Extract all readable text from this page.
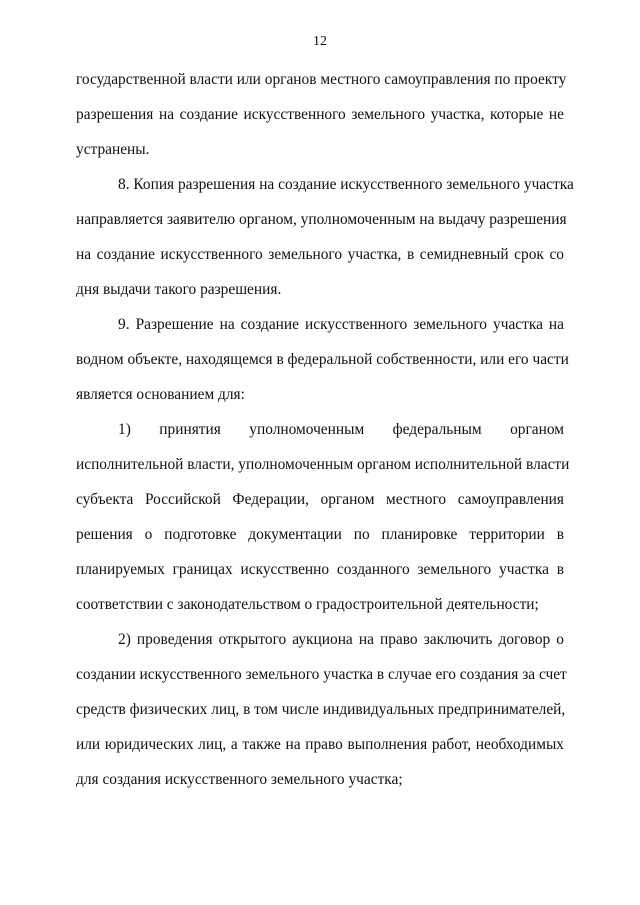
12
государственной власти или органов местного самоуправления по проекту
разрешения на создание искусственного земельного участка, которые не
устранены.
8. Копия разрешения на создание искусственного земельного участка
направляется заявителю органом, уполномоченным на выдачу разрешения
на создание искусственного земельного участка, в семидневный срок со
дня выдачи такого разрешения.
9. Разрешение на создание искусственного земельного участка на
водном объекте, находящемся в федеральной собственности, или его части
является основанием для:
1) принятия уполномоченным федеральным органом
исполнительной власти, уполномоченным органом исполнительной власти
субъекта Российской Федерации, органом местного самоуправления
решения о подготовке документации по планировке территории в
планируемых границах искусственно созданного земельного участка в
соответствии с законодательством о градостроительной деятельности;
2) проведения открытого аукциона на право заключить договор о
создании искусственного земельного участка в случае его создания за счет
средств физических лиц, в том числе индивидуальных предпринимателей,
или юридических лиц, а также на право выполнения работ, необходимых
для создания искусственного земельного участка;
